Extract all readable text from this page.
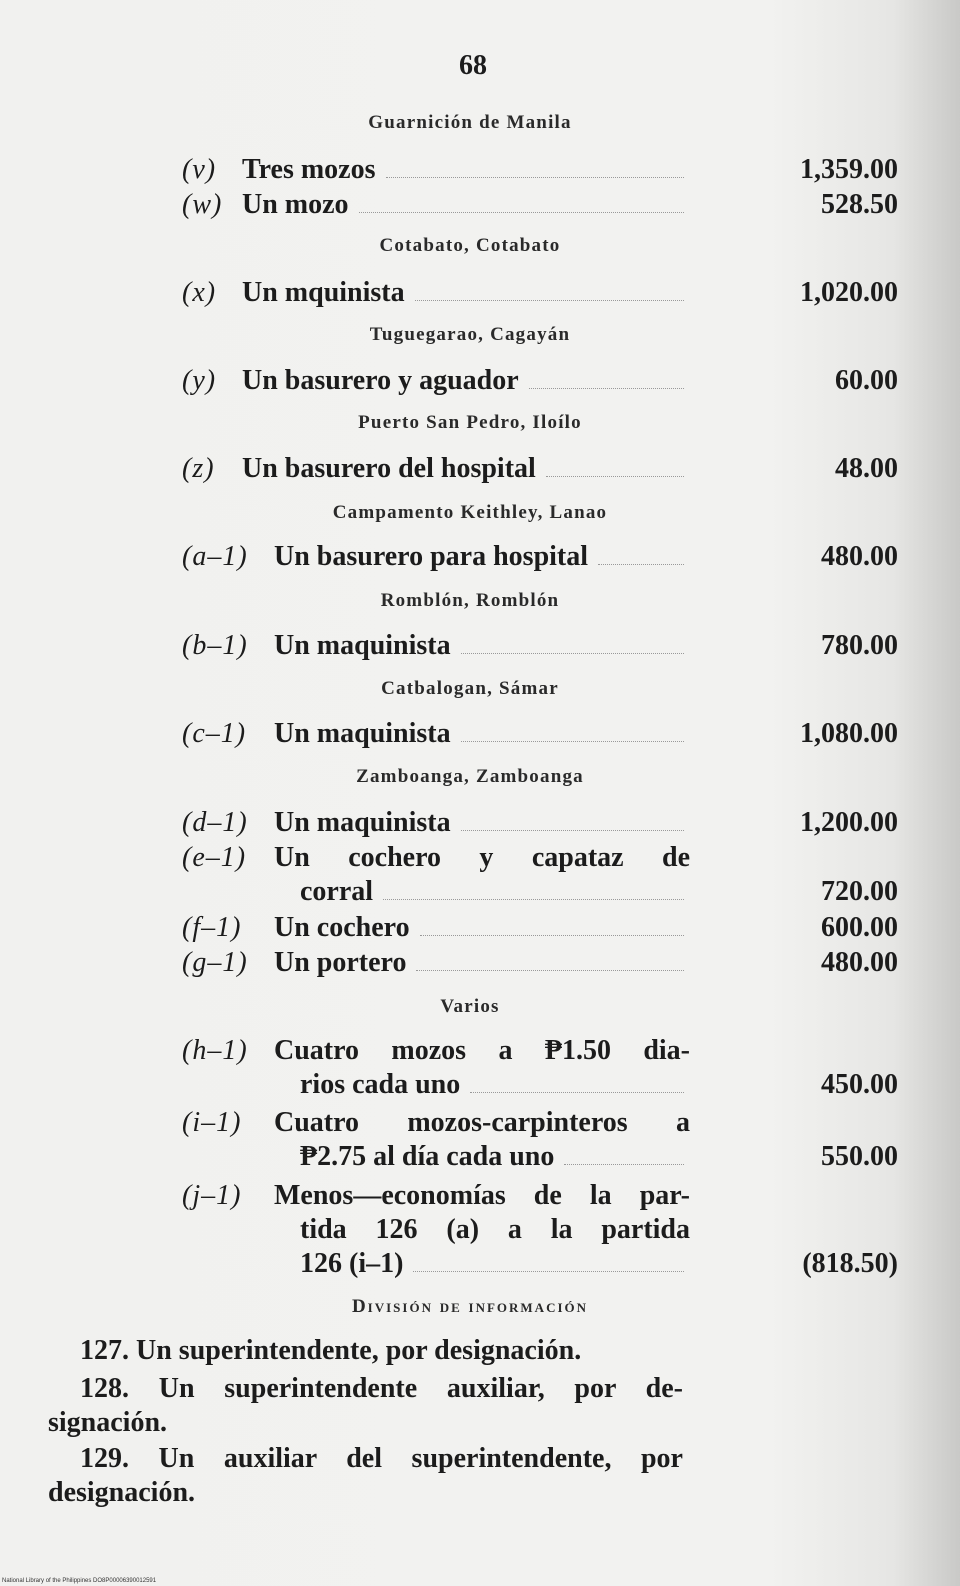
68
Guarnición de Manila
(v) Tres mozos	1,359.00
(w) Un mozo	528.50
Cotabato, Cotabato
(x) Un mquinista	1,020.00
Tuguegarao, Cagayán
(y) Un basurero y aguador	60.00
Puerto San Pedro, Iloílo
(z) Un basurero del hospital	48.00
Campamento Keithley, Lanao
(a–1) Un basurero para hospital	480.00
Romblón, Romblón
(b–1) Un maquinista	780.00
Catbalogan, Sámar
(c–1) Un maquinista	1,080.00
Zamboanga, Zamboanga
(d–1) Un maquinista	1,200.00
(e–1) Un cochero y capataz de
corral	720.00
(f–1)	Un cochero	600.00
(g–1) Un portero	480.00
Varios
(h–1) Cuatro mozos a ₱1.50 dia-
rios cada uno	450.00
(i–1)	Cuatro mozos-carpinteros a
₱2.75 al día cada uno	550.00
(j–1)	Menos—economías de la par-
tida 126 (a) a la partida
126 (i–1)	(818.50)
División de información
127. Un superintendente, por designación.
128. Un superintendente auxiliar, por de-
signación.
129. Un auxiliar del superintendente, por
designación.
National Library of the Philippines DO8P00006390012591
